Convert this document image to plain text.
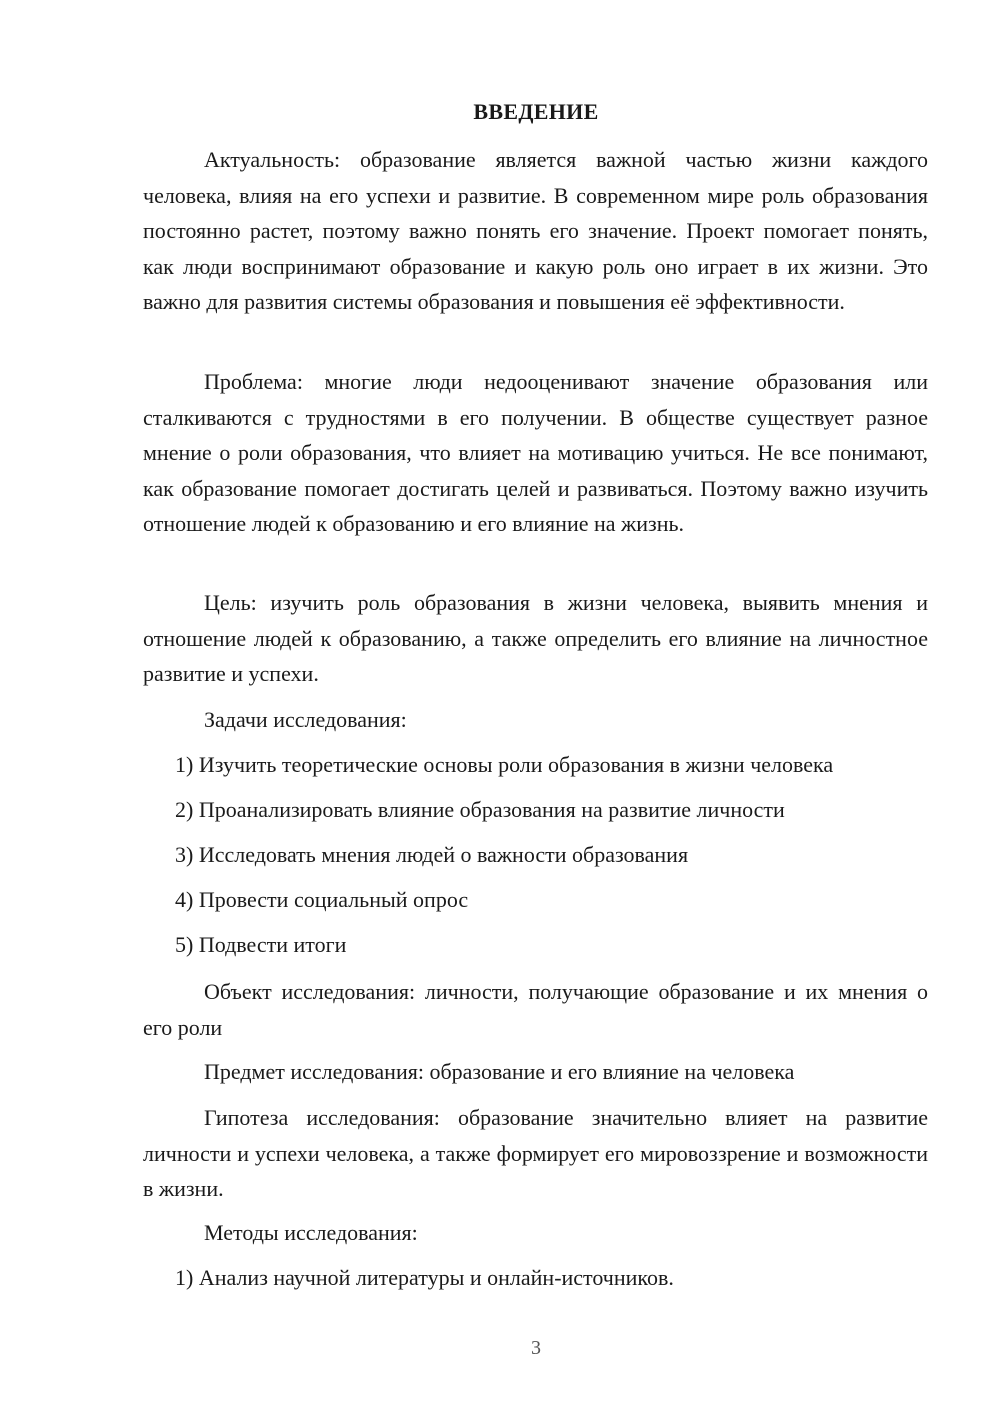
ВВЕДЕНИЕ

Актуальность: образование является важной частью жизни каждого человека, влияя на его успехи и развитие. В современном мире роль образования постоянно растет, поэтому важно понять его значение. Проект помогает понять, как люди воспринимают образование и какую роль оно играет в их жизни. Это важно для развития системы образования и повышения её эффективности.

Проблема: многие люди недооценивают значение образования или сталкиваются с трудностями в его получении. В обществе существует разное мнение о роли образования, что влияет на мотивацию учиться. Не все понимают, как образование помогает достигать целей и развиваться. Поэтому важно изучить отношение людей к образованию и его влияние на жизнь.

Цель: изучить роль образования в жизни человека, выявить мнения и отношение людей к образованию, а также определить его влияние на личностное развитие и успехи.

Задачи исследования:
1) Изучить теоретические основы роли образования в жизни человека
2) Проанализировать влияние образования на развитие личности
3) Исследовать мнения людей о важности образования
4) Провести социальный опрос
5) Подвести итоги

Объект исследования: личности, получающие образование и их мнения о его роли

Предмет исследования: образование и его влияние на человека

Гипотеза исследования: образование значительно влияет на развитие личности и успехи человека, а также формирует его мировоззрение и возможности в жизни.

Методы исследования:
1) Анализ научной литературы и онлайн-источников.
3
